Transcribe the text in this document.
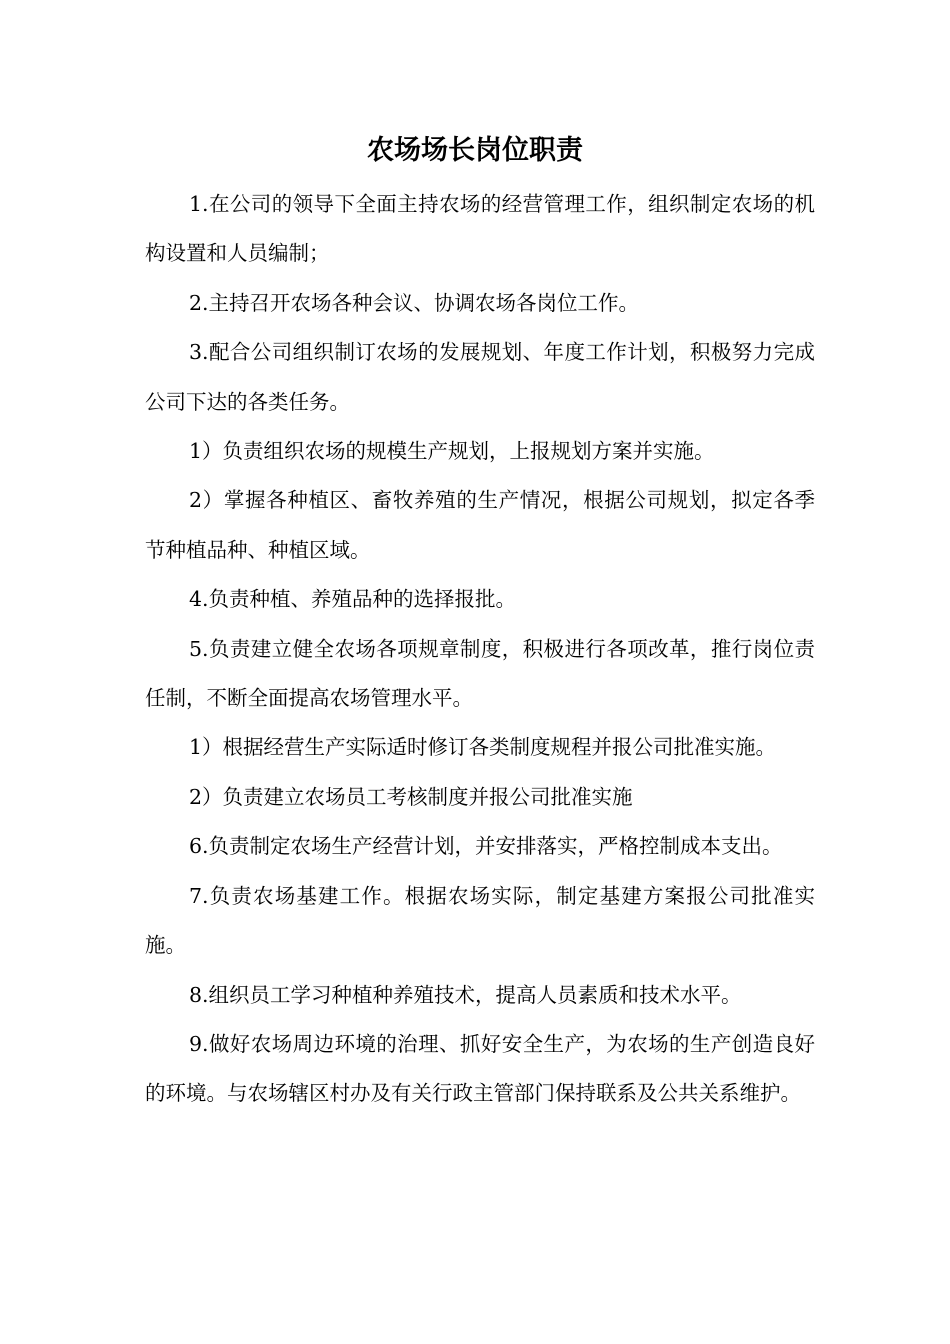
农场场长岗位职责

1.在公司的领导下全面主持农场的经营管理工作，组织制定农场的机构设置和人员编制；

2.主持召开农场各种会议、协调农场各岗位工作。

3.配合公司组织制订农场的发展规划、年度工作计划，积极努力完成公司下达的各类任务。

1）负责组织农场的规模生产规划，上报规划方案并实施。

2）掌握各种植区、畜牧养殖的生产情况，根据公司规划，拟定各季节种植品种、种植区域。

4.负责种植、养殖品种的选择报批。

5.负责建立健全农场各项规章制度，积极进行各项改革，推行岗位责任制，不断全面提高农场管理水平。

1）根据经营生产实际适时修订各类制度规程并报公司批准实施。

2）负责建立农场员工考核制度并报公司批准实施

6.负责制定农场生产经营计划，并安排落实，严格控制成本支出。

7.负责农场基建工作。根据农场实际，制定基建方案报公司批准实施。

8.组织员工学习种植种养殖技术，提高人员素质和技术水平。

9.做好农场周边环境的治理、抓好安全生产，为农场的生产创造良好的环境。与农场辖区村办及有关行政主管部门保持联系及公共关系维护。
